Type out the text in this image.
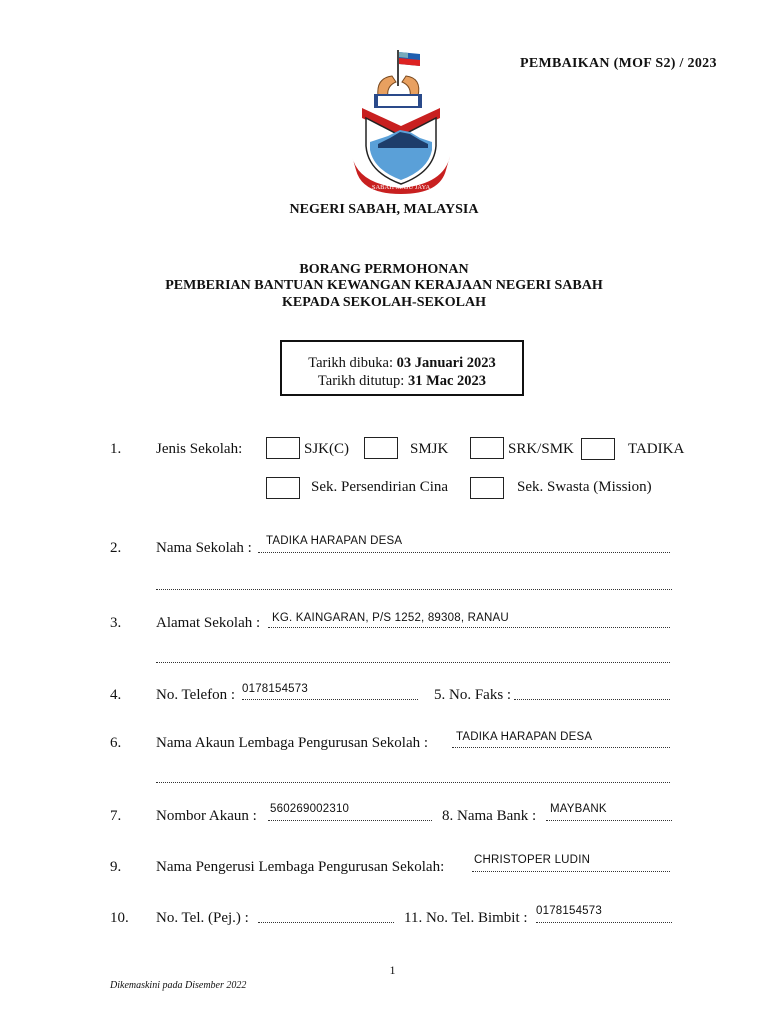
PEMBAIKAN (MOF S2) / 2023
SABAH MAJU JAYA
NEGERI SABAH, MALAYSIA
BORANG PERMOHONAN
PEMBERIAN BANTUAN KEWANGAN KERAJAAN NEGERI SABAH
KEPADA SEKOLAH-SEKOLAH
Tarikh dibuka: 03 Januari 2023
Tarikh ditutup: 31 Mac 2023
1. Jenis Sekolah:	SJK(C)	SMJK	SRK/SMK	TADIKA
Sek. Persendirian Cina	Sek. Swasta (Mission)
2. Nama Sekolah : TADIKA HARAPAN DESA
3. Alamat Sekolah : KG. KAINGARAN, P/S 1252, 89308, RANAU
4. No. Telefon : 0178154573	5. No. Faks :
6. Nama Akaun Lembaga Pengurusan Sekolah : TADIKA HARAPAN DESA
7. Nombor Akaun : 560269002310	8. Nama Bank : MAYBANK
9. Nama Pengerusi Lembaga Pengurusan Sekolah:	CHRISTOPER LUDIN
10. No. Tel. (Pej.) :	11. No. Tel. Bimbit : 0178154573
1
Dikemaskini pada Disember 2022
